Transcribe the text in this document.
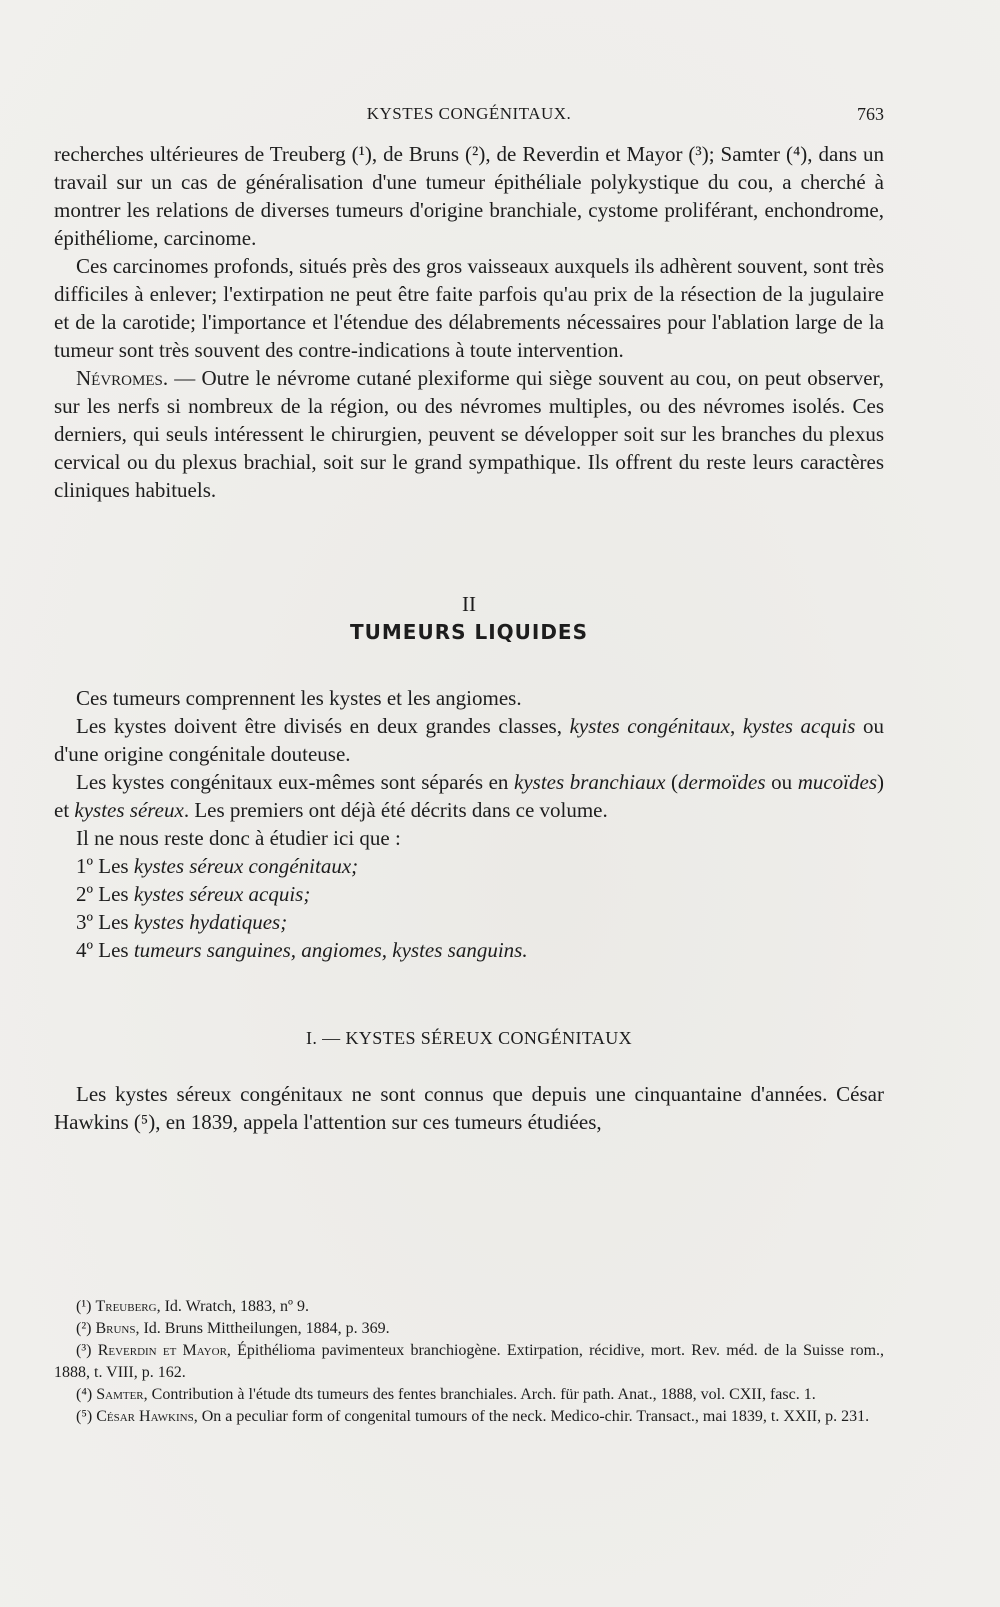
KYSTES CONGÉNITAUX.	763

recherches ultérieures de Treuberg (¹), de Bruns (²), de Reverdin et Mayor (³); Samter (⁴), dans un travail sur un cas de généralisation d'une tumeur épithéliale polykystique du cou, a cherché à montrer les relations de diverses tumeurs d'origine branchiale, cystome proliférant, enchondrome, épithéliome, carcinome.

Ces carcinomes profonds, situés près des gros vaisseaux auxquels ils adhèrent souvent, sont très difficiles à enlever; l'extirpation ne peut être faite parfois qu'au prix de la résection de la jugulaire et de la carotide; l'importance et l'étendue des délabrements nécessaires pour l'ablation large de la tumeur sont très souvent des contre-indications à toute intervention.

Névromes. — Outre le névrome cutané plexiforme qui siège souvent au cou, on peut observer, sur les nerfs si nombreux de la région, ou des névromes multiples, ou des névromes isolés. Ces derniers, qui seuls intéressent le chirurgien, peuvent se développer soit sur les branches du plexus cervical ou du plexus brachial, soit sur le grand sympathique. Ils offrent du reste leurs caractères cliniques habituels.

II
TUMEURS LIQUIDES

Ces tumeurs comprennent les kystes et les angiomes.

Les kystes doivent être divisés en deux grandes classes, kystes congénitaux, kystes acquis ou d'une origine congénitale douteuse.

Les kystes congénitaux eux-mêmes sont séparés en kystes branchiaux (dermoïdes ou mucoïdes) et kystes séreux. Les premiers ont déjà été décrits dans ce volume.

Il ne nous reste donc à étudier ici que :

1º Les kystes séreux congénitaux;

2º Les kystes séreux acquis;

3º Les kystes hydatiques;

4º Les tumeurs sanguines, angiomes, kystes sanguins.

I. — KYSTES SÉREUX CONGÉNITAUX

Les kystes séreux congénitaux ne sont connus que depuis une cinquantaine d'années. César Hawkins (⁵), en 1839, appela l'attention sur ces tumeurs étudiées,

(¹) Treuberg, Id. Wratch, 1883, nº 9.

(²) Bruns, Id. Bruns Mittheilungen, 1884, p. 369.

(³) Reverdin et Mayor, Épithélioma pavimenteux branchiogène. Extirpation, récidive, mort. Rev. méd. de la Suisse rom., 1888, t. VIII, p. 162.

(⁴) Samter, Contribution à l'étude dts tumeurs des fentes branchiales. Arch. für path. Anat., 1888, vol. CXII, fasc. 1.

(⁵) César Hawkins, On a peculiar form of congenital tumours of the neck. Medico-chir. Transact., mai 1839, t. XXII, p. 231.
